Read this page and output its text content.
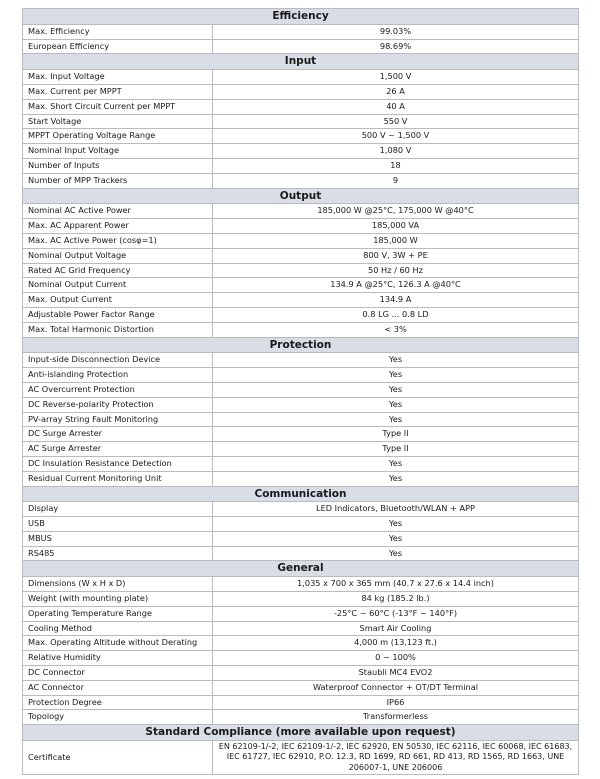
Efficiency	
Max. Efficiency	99.03%
European Efficiency	98.69%
Input	
Max. Input Voltage	1,500 V
Max. Current per MPPT	26 A
Max. Short Circuit Current per MPPT	40 A
Start Voltage	550 V
MPPT Operating Voltage Range	500 V ~ 1,500 V
Nominal Input Voltage	1,080 V
Number of Inputs	18
Number of MPP Trackers	9
Output	
Nominal AC Active Power	185,000 W @25°C, 175,000 W @40°C
Max. AC Apparent Power	185,000 VA
Max. AC Active Power (cosφ=1)	185,000 W
Nominal Output Voltage	800 V, 3W + PE
Rated AC Grid Frequency	50 Hz / 60 Hz
Nominal Output Current	134.9 A @25°C, 126.3 A @40°C
Max. Output Current	134.9 A
Adjustable Power Factor Range	0.8 LG ... 0.8 LD
Max. Total Harmonic Distortion	< 3%
Protection	
Input-side Disconnection Device	Yes
Anti-islanding Protection	Yes
AC Overcurrent Protection	Yes
DC Reverse-polarity Protection	Yes
PV-array String Fault Monitoring	Yes
DC Surge Arrester	Type II
AC Surge Arrester	Type II
DC Insulation Resistance Detection	Yes
Residual Current Monitoring Unit	Yes
Communication	
Display	LED Indicators, Bluetooth/WLAN + APP
USB	Yes
MBUS	Yes
RS485	Yes
General	
Dimensions (W x H x D)	1,035 x 700 x 365 mm (40.7 x 27.6 x 14.4 inch)
Weight (with mounting plate)	84 kg (185.2 lb.)
Operating Temperature Range	-25°C ~ 60°C (-13°F ~ 140°F)
Cooling Method	Smart Air Cooling
Max. Operating Altitude without Derating	4,000 m (13,123 ft.)
Relative Humidity	0 ~ 100%
DC Connector	Staubli MC4 EVO2
AC Connector	Waterproof Connector + OT/DT Terminal
Protection Degree	IP66
Topology	Transformerless
Standard Compliance (more available upon request)	
Certificate	EN 62109-1/-2, IEC 62109-1/-2, IEC 62920, EN 50530, IEC 62116, IEC 60068, IEC 61683, IEC 61727, IEC 62910, P.O. 12.3, RD 1699, RD 661, RD 413, RD 1565, RD 1663, UNE 206007-1, UNE 206006
